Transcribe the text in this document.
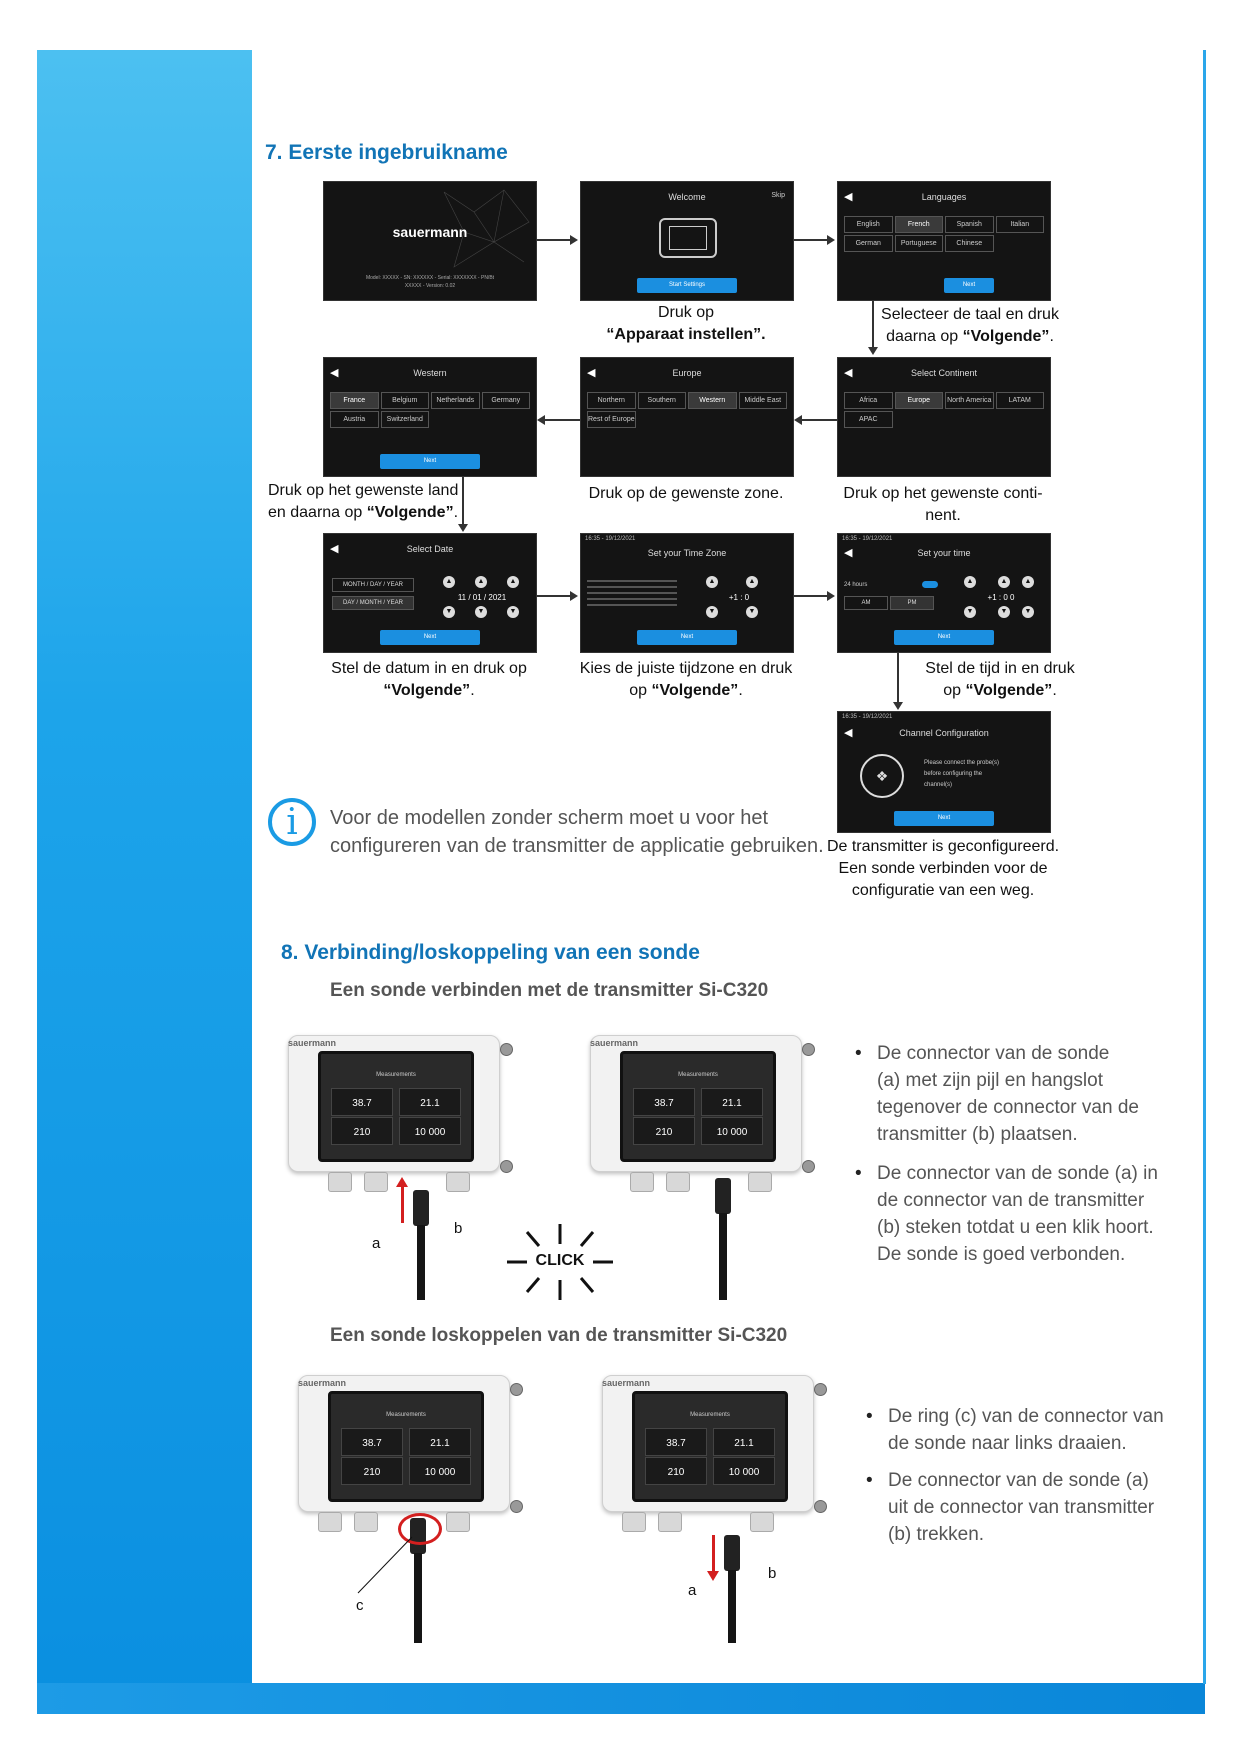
7. Eerste ingebruikname
sauermann
Model: XXXXX - SN: XXXXXX - Serial: XXXXXXX - PN/Bt
XXXXX - Version: 0.02
Welcome	Skip
Start Settings
◀	Languages
English	French	Spanish	Italian
German	Portuguese	Chinese
Next
Druk op
“Apparaat instellen”.
Selecteer de taal en druk
daarna op “Volgende”.
◀	Western
France	Belgium	Netherlands	Germany
Austria	Switzerland
Next
◀	Europe
Northern	Southern	Western	Middle East
Rest of Europe
◀	Select Continent
Africa	Europe	North America	LATAM
APAC
Druk op het gewenste land
en daarna op “Volgende”.
Druk op de gewenste zone.	Druk op het gewenste conti-
nent.
◀	Select Date
MONTH / DAY / YEAR
DAY / MONTH / YEAR
▲	▲	▲
11 / 01 / 2021
▼	▼	▼
Next
16:35 - 19/12/2021
Set your Time Zone
▲	▲
+1 : 0
▼	▼
Next
16:35 - 19/12/2021
◀	Set your time
24 hours
AM	PM
▲	▲	▲
+1 : 0 0
▼	▼	▼
Next
Stel de datum in en druk op
“Volgende”.
Kies de juiste tijdzone en druk
op “Volgende”.
Stel de tijd in en druk
op “Volgende”.
16:35 - 19/12/2021
◀	Channel Configuration
❖
Please connect the probe(s) before configuring the channel(s)
Next
De transmitter is geconfigureerd.
Een sonde verbinden voor de
configuratie van een weg.
i	Voor de modellen zonder scherm moet u voor het
configureren van de transmitter de applicatie gebruiken.
8. Verbinding/loskoppeling van een sonde
Een sonde verbinden met de transmitter Si-C320
CLICK
• De connector van de sonde
(a) met zijn pijl en hangslot
tegenover de connector van de
transmitter (b) plaatsen.
• De connector van de sonde (a) in
de connector van de transmitter
(b) steken totdat u een klik hoort.
De sonde is goed verbonden.
Een sonde loskoppelen van de transmitter Si-C320
• De ring (c) van de connector van
de sonde naar links draaien.
• De connector van de sonde (a)
uit de connector van transmitter
(b) trekken.
Measurements
38.7	21.1
210	10 000
a
b
Measurements
38.7	21.1
210	10 000
Measurements
38.7	21.1
210	10 000
c
Measurements
38.7	21.1
210	10 000
a
b
